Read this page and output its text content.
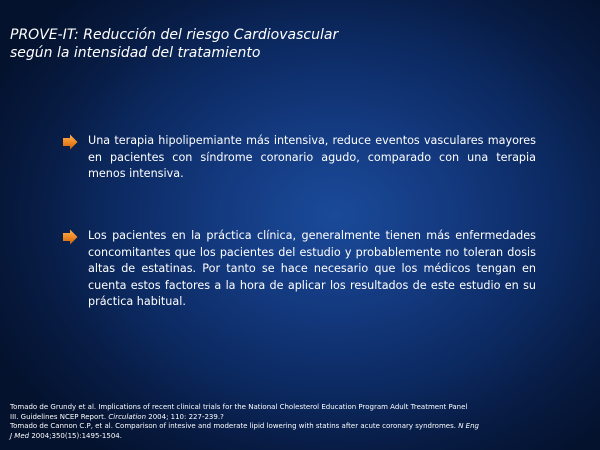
PROVE-IT: Reducción del riesgo Cardiovascular
según la intensidad del tratamiento
Una terapia hipolipemiante más intensiva, reduce eventos vasculares mayores en pacientes con síndrome coronario agudo, comparado con una terapia menos intensiva.
Los pacientes en la práctica clínica, generalmente tienen más enfermedades concomitantes que los pacientes del estudio y probablemente no toleran dosis altas de estatinas. Por tanto se hace necesario que los médicos tengan en cuenta estos factores a la hora de aplicar los resultados de este estudio en su práctica habitual.
Tomado de Grundy et al. Implications of recent clinical trials for the National Cholesterol Education Program Adult Treatment Panel
III. Guidelines NCEP Report. Circulation 2004; 110: 227-239.?
Tomado de Cannon C.P, et al. Comparison of intesive and moderate lipid lowering with statins after acute coronary syndromes. N Eng
J Med 2004;350(15):1495-1504.
